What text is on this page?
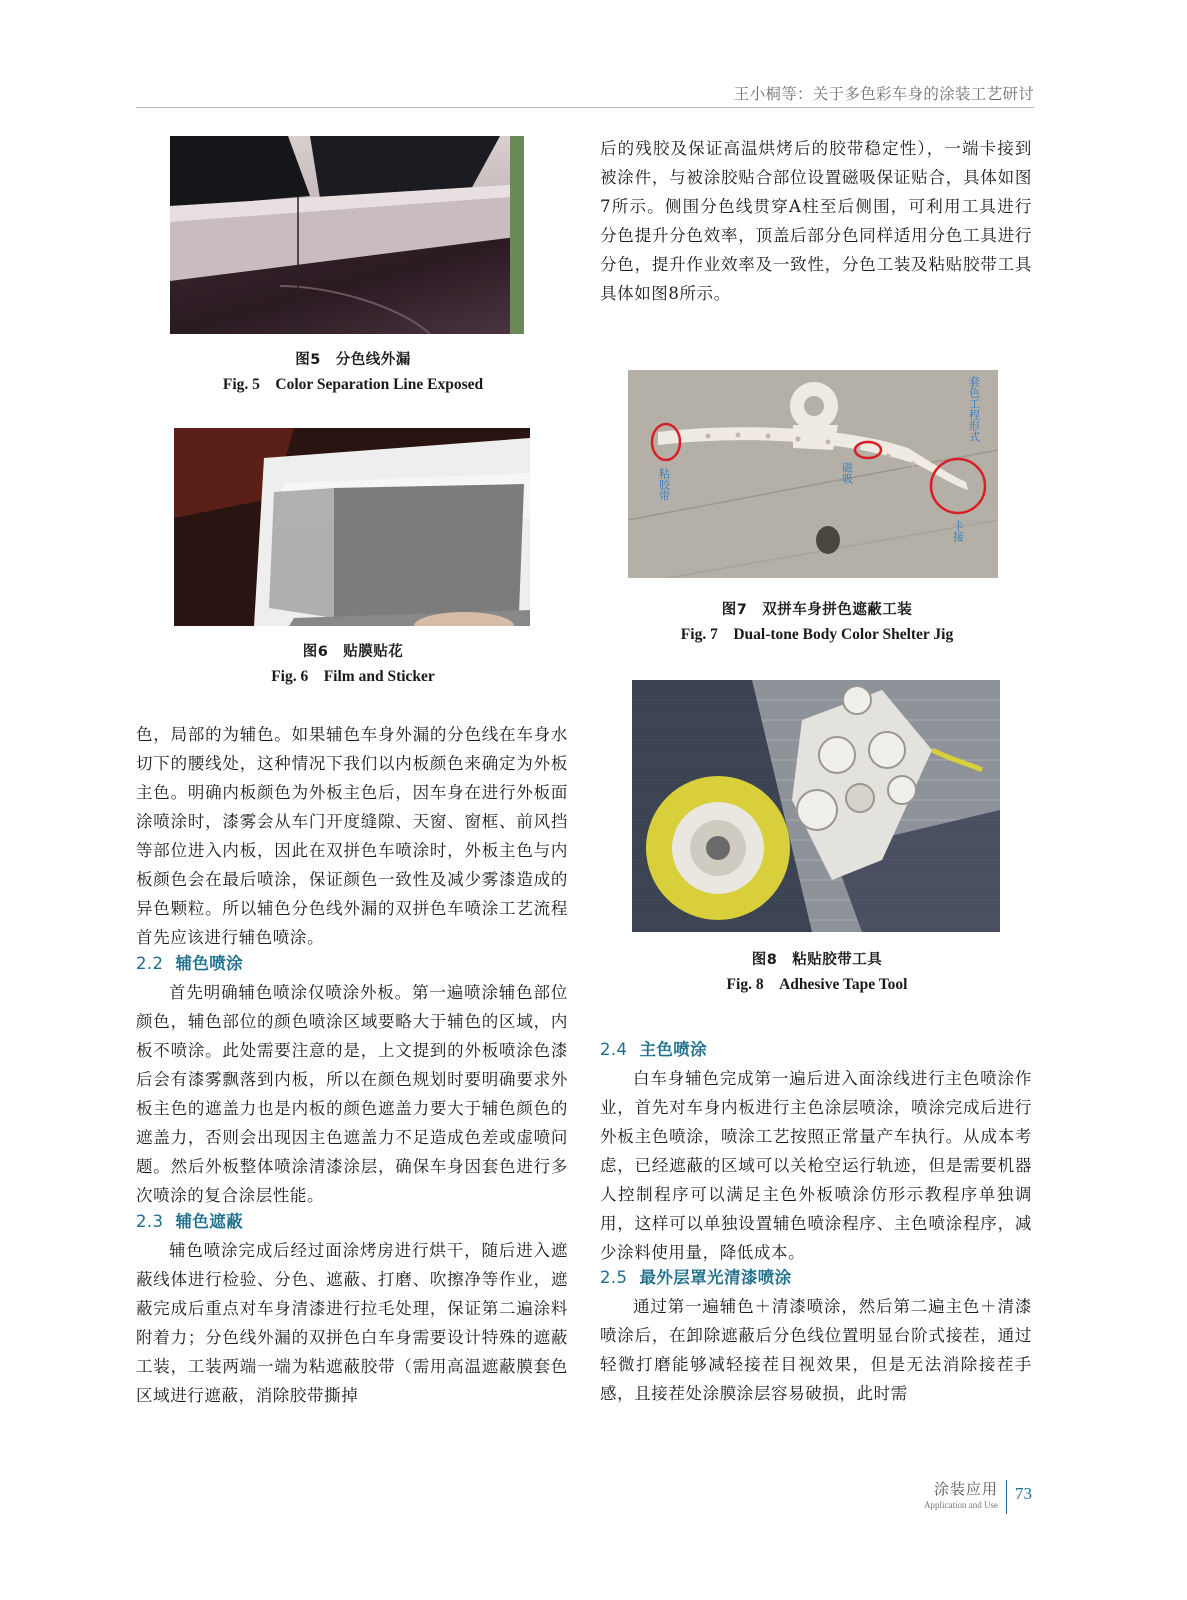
王小桐等：关于多色彩车身的涂装工艺研讨
图5　分色线外漏
Fig. 5　Color Separation Line Exposed
图6　贴膜贴花
Fig. 6　Film and Sticker

色，局部的为辅色。如果辅色车身外漏的分色线在车身水切下的腰线处，这种情况下我们以内板颜色来确定为外板主色。明确内板颜色为外板主色后，因车身在进行外板面涂喷涂时，漆雾会从车门开度缝隙、天窗、窗框、前风挡等部位进入内板，因此在双拼色车喷涂时，外板主色与内板颜色会在最后喷涂，保证颜色一致性及减少雾漆造成的异色颗粒。所以辅色分色线外漏的双拼色车喷涂工艺流程首先应该进行辅色喷涂。

2.2 辅色喷涂

首先明确辅色喷涂仅喷涂外板。第一遍喷涂辅色部位颜色，辅色部位的颜色喷涂区域要略大于辅色的区域，内板不喷涂。此处需要注意的是，上文提到的外板喷涂色漆后会有漆雾飘落到内板，所以在颜色规划时要明确要求外板主色的遮盖力也是内板的颜色遮盖力要大于辅色颜色的遮盖力，否则会出现因主色遮盖力不足造成色差或虚喷问题。然后外板整体喷涂清漆涂层，确保车身因套色进行多次喷涂的复合涂层性能。

2.3 辅色遮蔽

辅色喷涂完成后经过面涂烤房进行烘干，随后进入遮蔽线体进行检验、分色、遮蔽、打磨、吹擦净等作业，遮蔽完成后重点对车身清漆进行拉毛处理，保证第二遍涂料附着力；分色线外漏的双拼色白车身需要设计特殊的遮蔽工装，工装两端一端为粘遮蔽胶带（需用高温遮蔽膜套色区域进行遮蔽，消除胶带撕掉

后的残胶及保证高温烘烤后的胶带稳定性），一端卡接到被涂件，与被涂胶贴合部位设置磁吸保证贴合，具体如图7所示。侧围分色线贯穿A柱至后侧围，可利用工具进行分色提升分色效率，顶盖后部分色同样适用分色工具进行分色，提升作业效率及一致性，分色工装及粘贴胶带工具具体如图8所示。

套色工程形式
粘胶带	磁吸
卡接
图7　双拼车身拼色遮蔽工装
Fig. 7　Dual-tone Body Color Shelter Jig
图8　粘贴胶带工具
Fig. 8　Adhesive Tape Tool
2.4 主色喷涂

白车身辅色完成第一遍后进入面涂线进行主色喷涂作业，首先对车身内板进行主色涂层喷涂，喷涂完成后进行外板主色喷涂，喷涂工艺按照正常量产车执行。从成本考虑，已经遮蔽的区域可以关枪空运行轨迹，但是需要机器人控制程序可以满足主色外板喷涂仿形示教程序单独调用，这样可以单独设置辅色喷涂程序、主色喷涂程序，减少涂料使用量，降低成本。

2.5 最外层罩光清漆喷涂

通过第一遍辅色＋清漆喷涂，然后第二遍主色＋清漆喷涂后，在卸除遮蔽后分色线位置明显台阶式接茬，通过轻微打磨能够减轻接茬目视效果，但是无法消除接茬手感，且接茬处涂膜涂层容易破损，此时需

涂装应用
Application and Use
73
